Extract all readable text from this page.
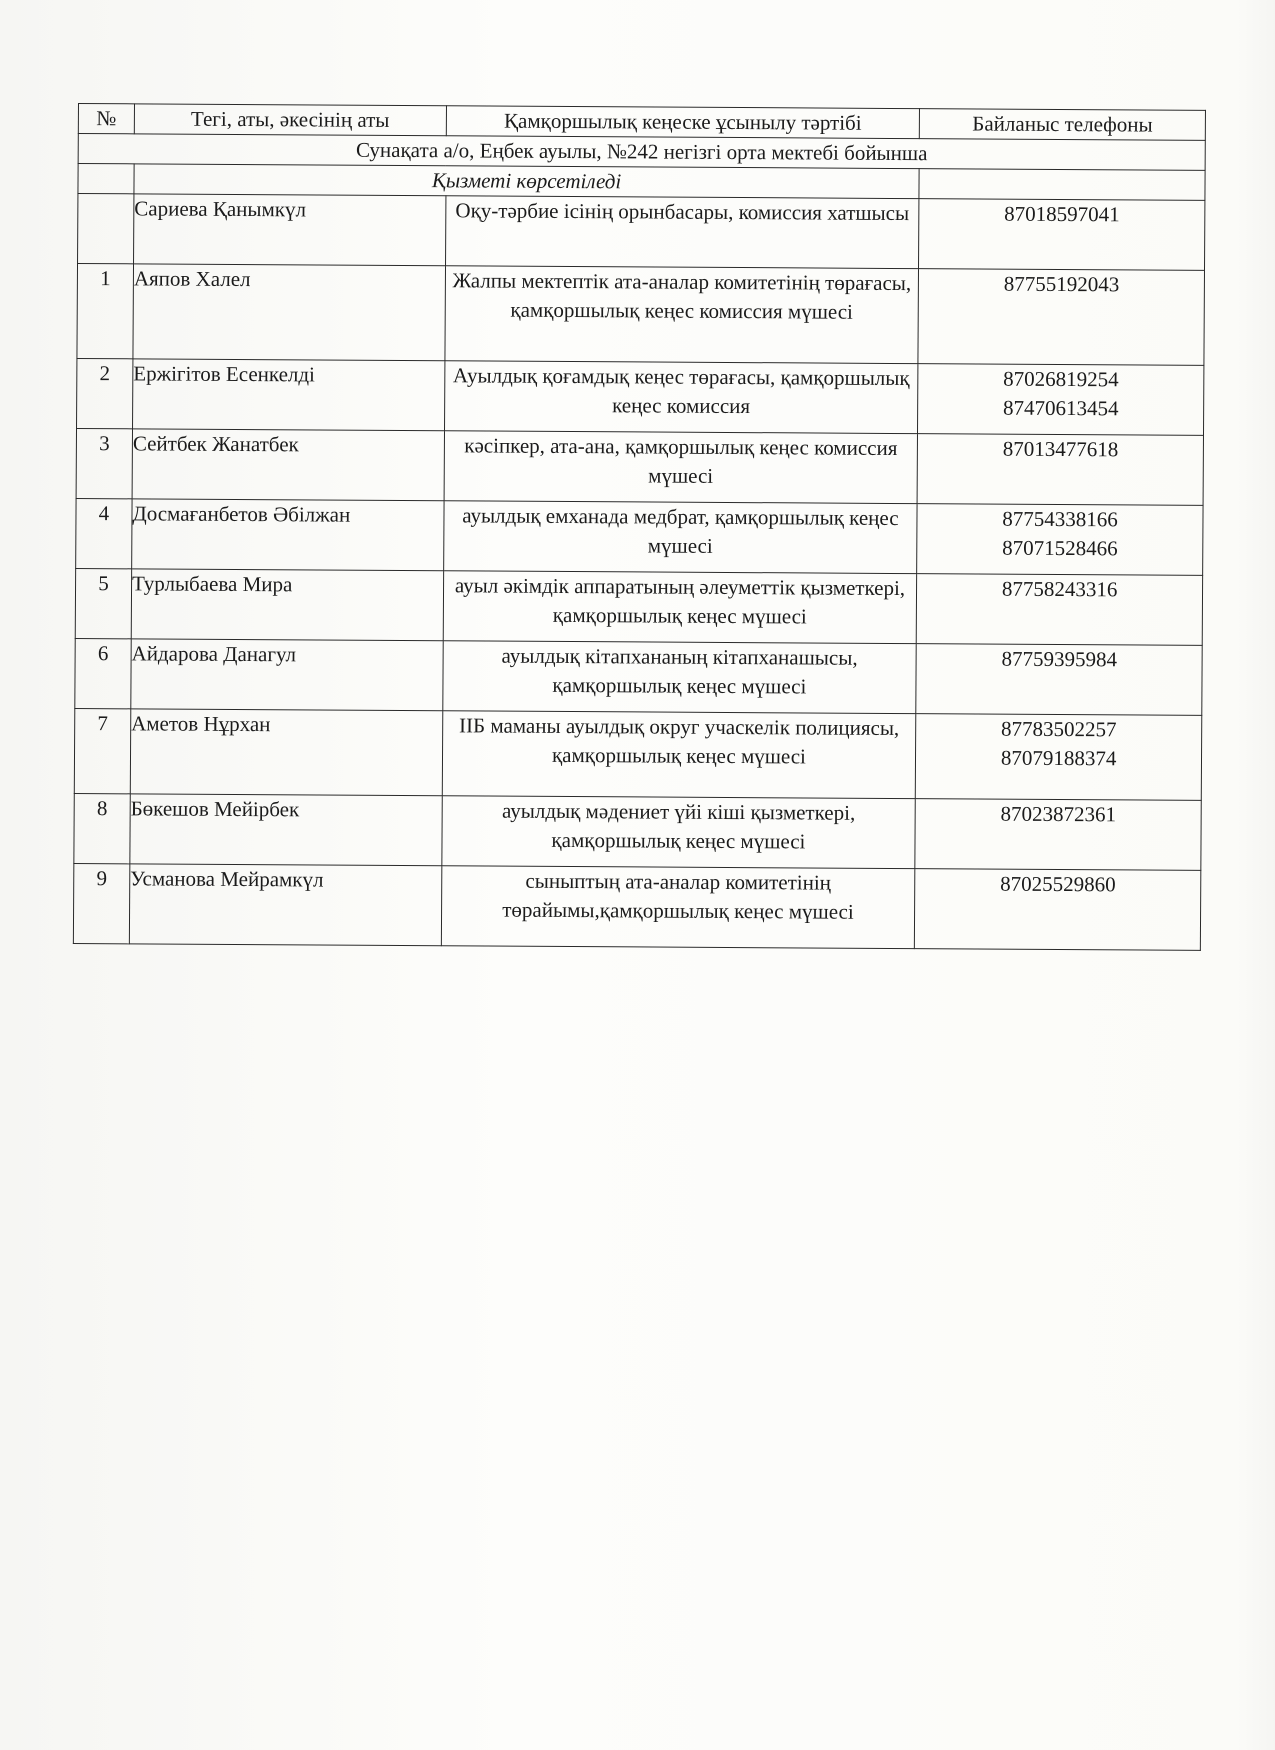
№	Тегі, аты, әкесінің аты	Қамқоршылық кеңеске ұсынылу тәртібі	Байланыс телефоны
Сунақата а/о, Еңбек ауылы, №242 негізгі орта мектебі бойынша			
	Қызметі көрсетіледі		
	Сариева Қанымкүл	Оқу-тәрбие ісінің орынбасары, комиссия хатшысы	87018597041

1	Аяпов Халел	Жалпы мектептік ата-аналар комитетінің төрағасы, қамқоршылық кеңес комиссия мүшесі	87755192043

2	Ержігітов Есенкелді	Ауылдық қоғамдық кеңес төрағасы, қамқоршылық кеңес комиссия	87026819254
87470613454

3	Сейтбек Жанатбек	кәсіпкер, ата-ана, қамқоршылық кеңес комиссия мүшесі	87013477618

4	Досмағанбетов Әбілжан	ауылдық емханада медбрат, қамқоршылық кеңес мүшесі	87754338166
87071528466

5	Турлыбаева Мира	ауыл әкімдік аппаратының әлеуметтік қызметкері, қамқоршылық кеңес мүшесі	87758243316

6	Айдарова Данагул	ауылдық кітапхананың кітапханашысы, қамқоршылық кеңес мүшесі	87759395984

7	Аметов Нұрхан	ІІБ маманы ауылдық округ учаскелік полициясы, қамқоршылық кеңес мүшесі	87783502257
87079188374

8	Бөкешов Мейірбек	ауылдық мәдениет үйі кіші қызметкері, қамқоршылық кеңес мүшесі	87023872361

9	Усманова Мейрамкүл	сыныптың ата-аналар комитетінің төрайымы,қамқоршылық кеңес мүшесі	87025529860
